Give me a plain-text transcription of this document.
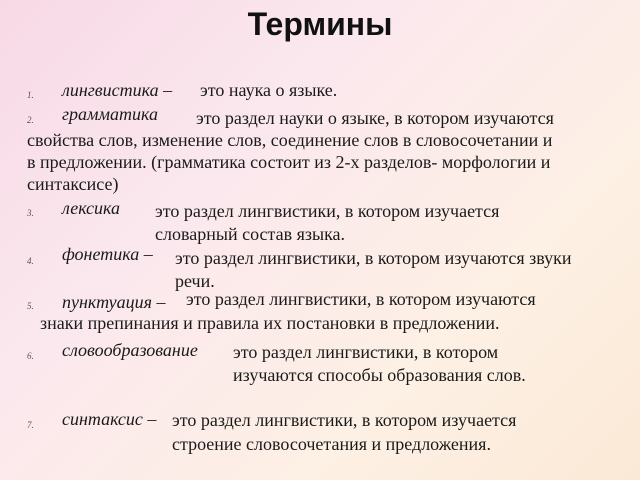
Термины
1. лингвистика – это наука о языке.
2. грамматика это раздел науки о языке, в котором изучаются
свойства слов, изменение слов, соединение слов в словосочетании и
в предложении. (грамматика состоит из 2-х разделов- морфологии и
синтаксисе)
3. лексика это раздел лингвистики, в котором изучается
словарный состав языка.
4. фонетика – это раздел лингвистики, в котором изучаются звуки
речи.
5. пунктуация – это раздел лингвистики, в котором изучаются
знаки препинания и правила их постановки в предложении.
6. словообразование это раздел лингвистики, в котором
изучаются способы образования слов.
7. синтаксис – это раздел лингвистики, в котором изучается
строение словосочетания и предложения.
